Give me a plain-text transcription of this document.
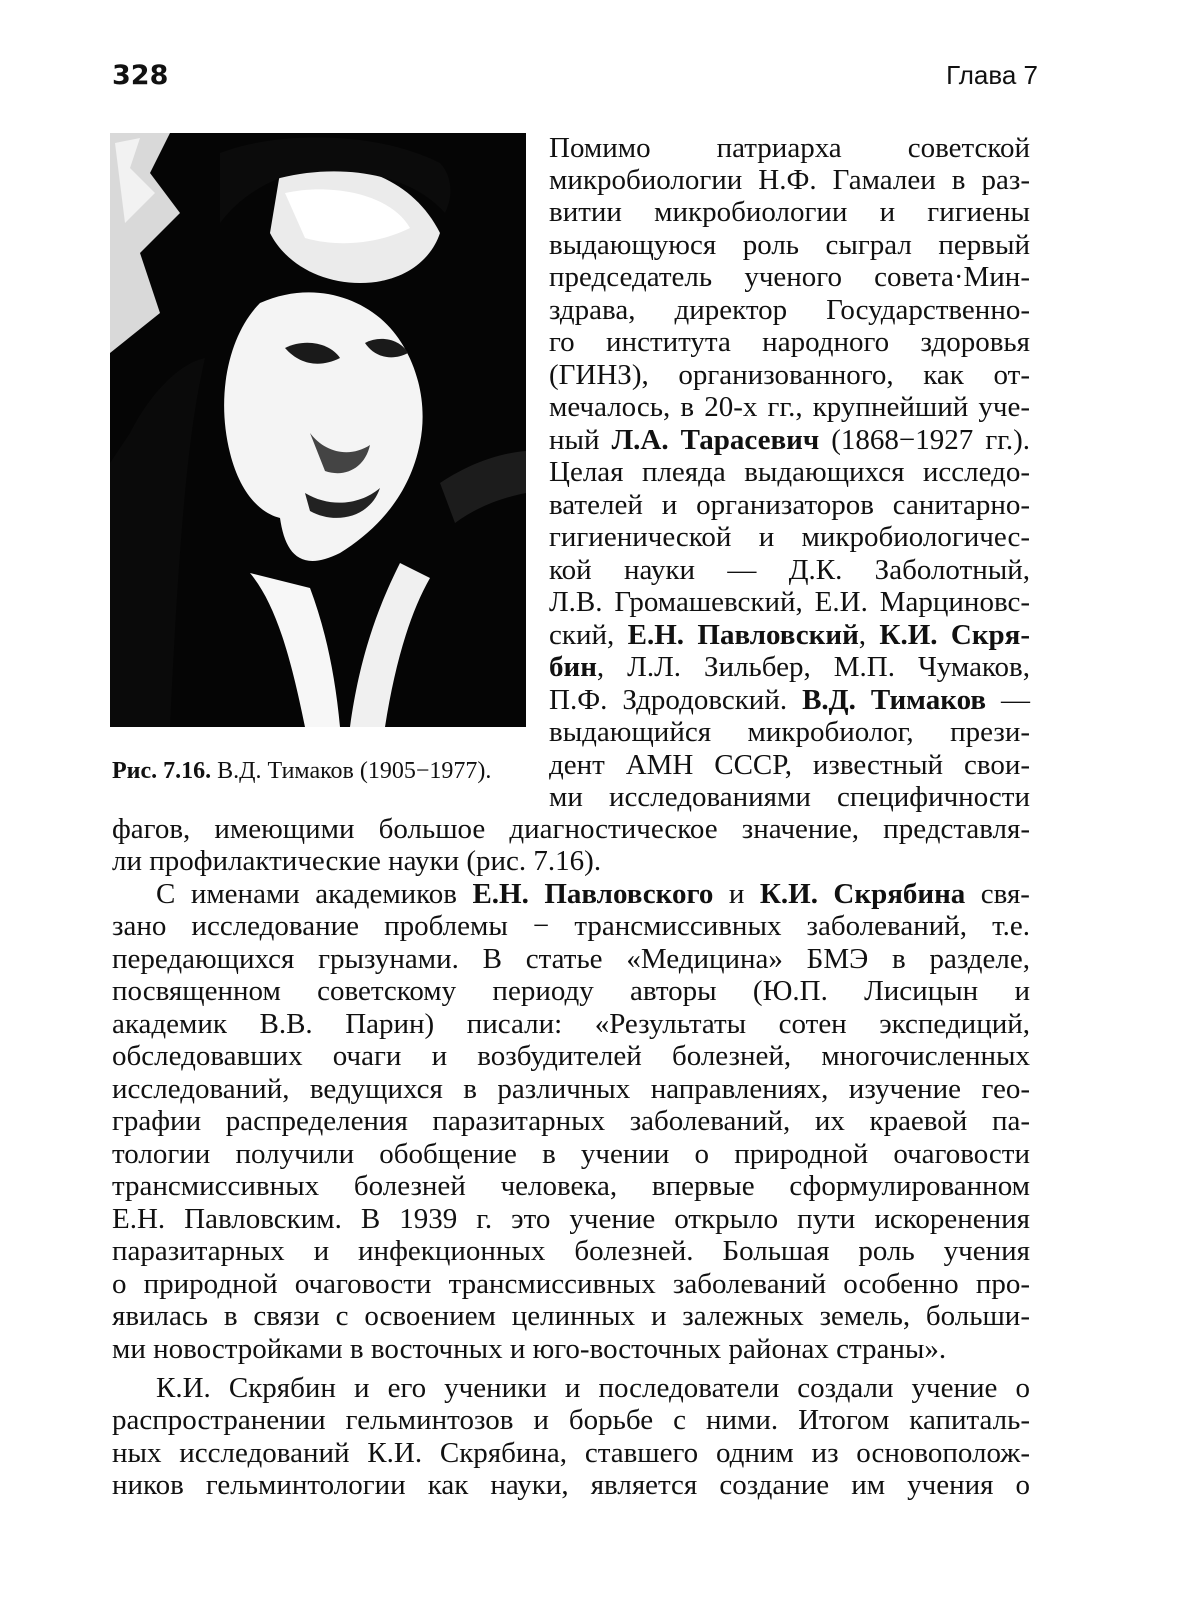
328	Глава 7
Рис. 7.16. В.Д. Тимаков (1905−1977).
Помимо патриарха советской
микробиологии Н.Ф. Гамалеи в раз-
витии микробиологии и гигиены
выдающуюся роль сыграл первый
председатель ученого совета·Мин-
здрава, директор Государственно-
го института народного здоровья
(ГИНЗ), организованного, как от-
мечалось, в 20-х гг., крупнейший уче-
ный Л.А. Тарасевич (1868−1927 гг.).
Целая плеяда выдающихся исследо-
вателей и организаторов санитарно-
гигиенической и микробиологичес-
кой науки — Д.К. Заболотный,
Л.В. Громашевский, Е.И. Марциновс-
ский, Е.Н. Павловский, К.И. Скря-
бин, Л.Л. Зильбер, М.П. Чумаков,
П.Ф. Здродовский. В.Д. Тимаков —
выдающийся микробиолог, прези-
дент АМН СССР, известный свои-
ми исследованиями специфичности
фагов, имеющими большое диагностическое значение, представля-
ли профилактические науки (рис. 7.16).
С именами академиков Е.Н. Павловского и К.И. Скрябина свя-
зано исследование проблемы − трансмиссивных заболеваний, т.е.
передающихся грызунами. В статье «Медицина» БМЭ в разделе,
посвященном советскому периоду авторы (Ю.П. Лисицын и
академик В.В. Парин) писали: «Результаты сотен экспедиций,
обследовавших очаги и возбудителей болезней, многочисленных
исследований, ведущихся в различных направлениях, изучение гео-
графии распределения паразитарных заболеваний, их краевой па-
тологии получили обобщение в учении о природной очаговости
трансмиссивных болезней человека, впервые сформулированном
Е.Н. Павловским. В 1939 г. это учение открыло пути искоренения
паразитарных и инфекционных болезней. Большая роль учения
о природной очаговости трансмиссивных заболеваний особенно про-
явилась в связи с освоением целинных и залежных земель, больши-
ми новостройками в восточных и юго-восточных районах страны».
К.И. Скрябин и его ученики и последователи создали учение о
распространении гельминтозов и борьбе с ними. Итогом капиталь-
ных исследований К.И. Скрябина, ставшего одним из основополож-
ников гельминтологии как науки, является создание им учения о
